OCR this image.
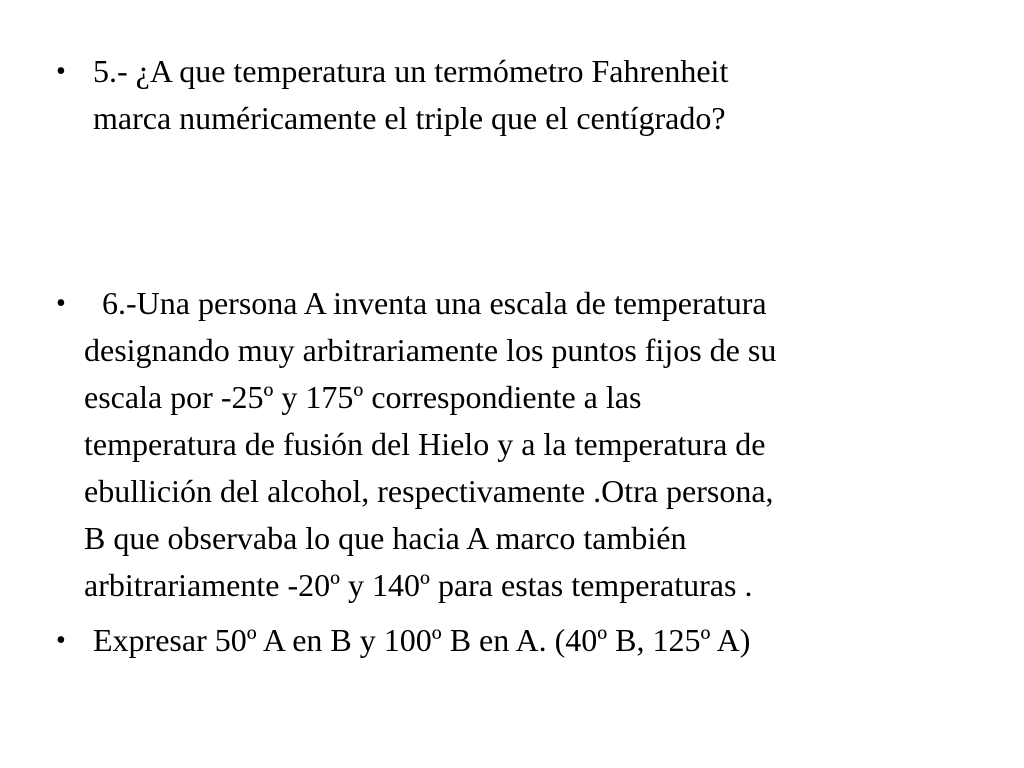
• 5.- ¿A que temperatura un termómetro Fahrenheit
marca numéricamente el triple que el centígrado?
• 6.-Una persona A inventa una escala de temperatura
designando muy arbitrariamente los puntos fijos de su
escala por -25º y 175º correspondiente a las
temperatura de fusión del Hielo y a la temperatura de
ebullición del alcohol, respectivamente .Otra persona,
B que observaba lo que hacia A marco también
arbitrariamente -20º y 140º para estas temperaturas .
• Expresar 50º A en B y 100º B en A. (40º B, 125º A)
